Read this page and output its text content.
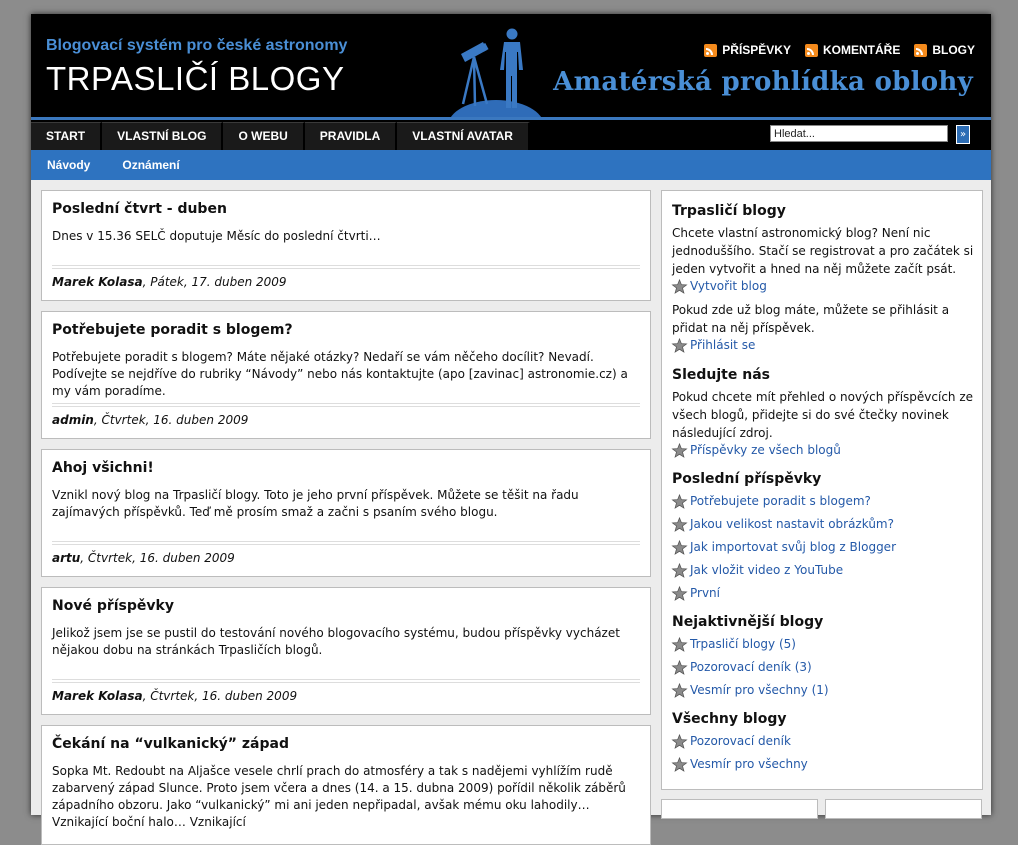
Blogovací systém pro české astronomy
TRPASLIČÍ BLOGY
PŘÍSPĚVKY	KOMENTÁŘE	BLOGY
Amatérská prohlídka oblohy
START	VLASTNÍ BLOG	O WEBU	PRAVIDLA	VLASTNÍ AVATAR
Hledat...	»
Návody	Oznámení
Poslední čtvrt - duben
Dnes v 15.36 SELČ doputuje Měsíc do poslední čtvrti…
Marek Kolasa, Pátek, 17. duben 2009
Potřebujete poradit s blogem?
Potřebujete poradit s blogem? Máte nějaké otázky? Nedaří se vám něčeho docílit? Nevadí. Podívejte se nejdříve do rubriky “Návody” nebo nás kontaktujte (apo [zavinac] astronomie.cz) a my vám poradíme.
admin, Čtvrtek, 16. duben 2009
Ahoj všichni!
Vznikl nový blog na Trpasličí blogy. Toto je jeho první příspěvek. Můžete se těšit na řadu zajímavých příspěvků. Teď mě prosím smaž a začni s psaním svého blogu.
artu, Čtvrtek, 16. duben 2009
Nové příspěvky
Jelikož jsem jse se pustil do testování nového blogovacího systému, budou příspěvky vycházet nějakou dobu na stránkách Trpasličích blogů.
Marek Kolasa, Čtvrtek, 16. duben 2009
Čekání na “vulkanický” západ
Sopka Mt. Redoubt na Aljašce vesele chrlí prach do atmosféry a tak s nadějemi vyhlížím rudě zabarvený západ Slunce. Proto jsem včera a dnes (14. a 15. dubna 2009) pořídil několik záběrů západního obzoru. Jako “vulkanický” mi ani jeden nepřipadal, avšak mému oku lahodily… Vznikající boční halo… Vznikající
Trpasličí blogy
Chcete vlastní astronomický blog? Není nic jednoduššího. Stačí se registrovat a pro začátek si jeden vytvořit a hned na něj můžete začít psát.
Vytvořit blog
Pokud zde už blog máte, můžete se přihlásit a přidat na něj příspěvek.
Přihlásit se
Sledujte nás
Pokud chcete mít přehled o nových příspěvcích ze všech blogů, přidejte si do své čtečky novinek následující zdroj.
Příspěvky ze všech blogů
Poslední příspěvky
Potřebujete poradit s blogem?
Jakou velikost nastavit obrázkům?
Jak importovat svůj blog z Blogger
Jak vložit video z YouTube
První
Nejaktivnější blogy
Trpasličí blogy (5)
Pozorovací deník (3)
Vesmír pro všechny (1)
Všechny blogy
Pozorovací deník
Vesmír pro všechny
